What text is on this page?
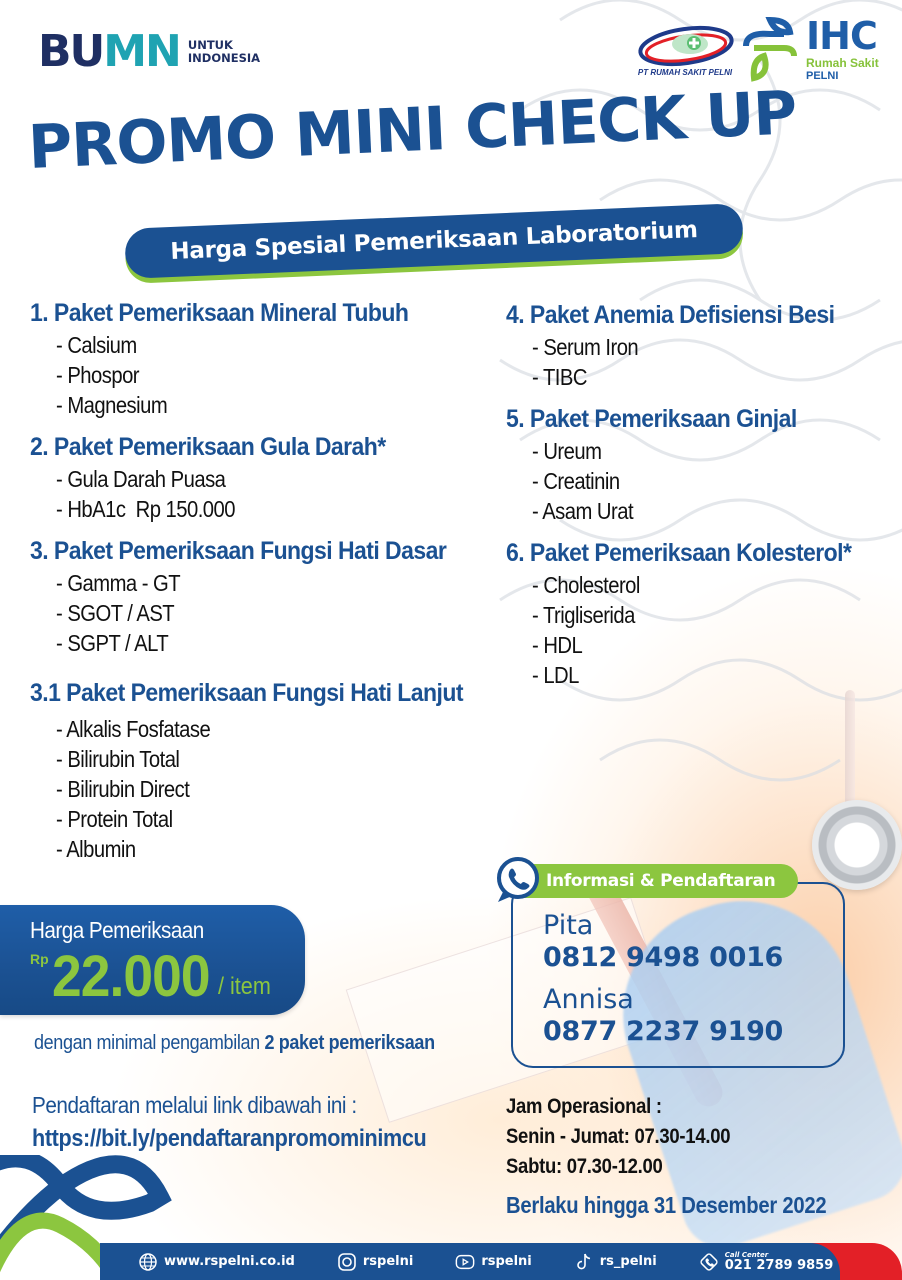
BUMN UNTUK
INDONESIA
PT RUMAH SAKIT PELNI
IHC
Rumah Sakit
PELNI
PROMO MINI CHECK UP
Harga Spesial Pemeriksaan Laboratorium
1. Paket Pemeriksaan Mineral Tubuh
- Calsium
- Phospor
- Magnesium
2. Paket Pemeriksaan Gula Darah*
- Gula Darah Puasa
- HbA1c  Rp 150.000
3. Paket Pemeriksaan Fungsi Hati Dasar
- Gamma - GT
- SGOT / AST
- SGPT / ALT
3.1 Paket Pemeriksaan Fungsi Hati Lanjut
- Alkalis Fosfatase
- Bilirubin Total
- Bilirubin Direct
- Protein Total
- Albumin
4. Paket Anemia Defisiensi Besi
- Serum Iron
- TIBC
5. Paket Pemeriksaan Ginjal
- Ureum
- Creatinin
- Asam Urat
6. Paket Pemeriksaan Kolesterol*
- Cholesterol
- Trigliserida
- HDL
- LDL
Harga Pemeriksaan
Rp 22.000 / item
dengan minimal pengambilan 2 paket pemeriksaan
Pendaftaran melalui link dibawah ini :
https://bit.ly/pendaftaranpromominimcu
Pita
0812 9498 0016
Annisa
0877 2237 9190
Informasi & Pendaftaran
Jam Operasional :
Senin - Jumat: 07.30-14.00
Sabtu: 07.30-12.00
Berlaku hingga 31 Desember 2022
www.rspelni.co.id	rspelni	rspelni	rs_pelni	Call Center
021 2789 9859
